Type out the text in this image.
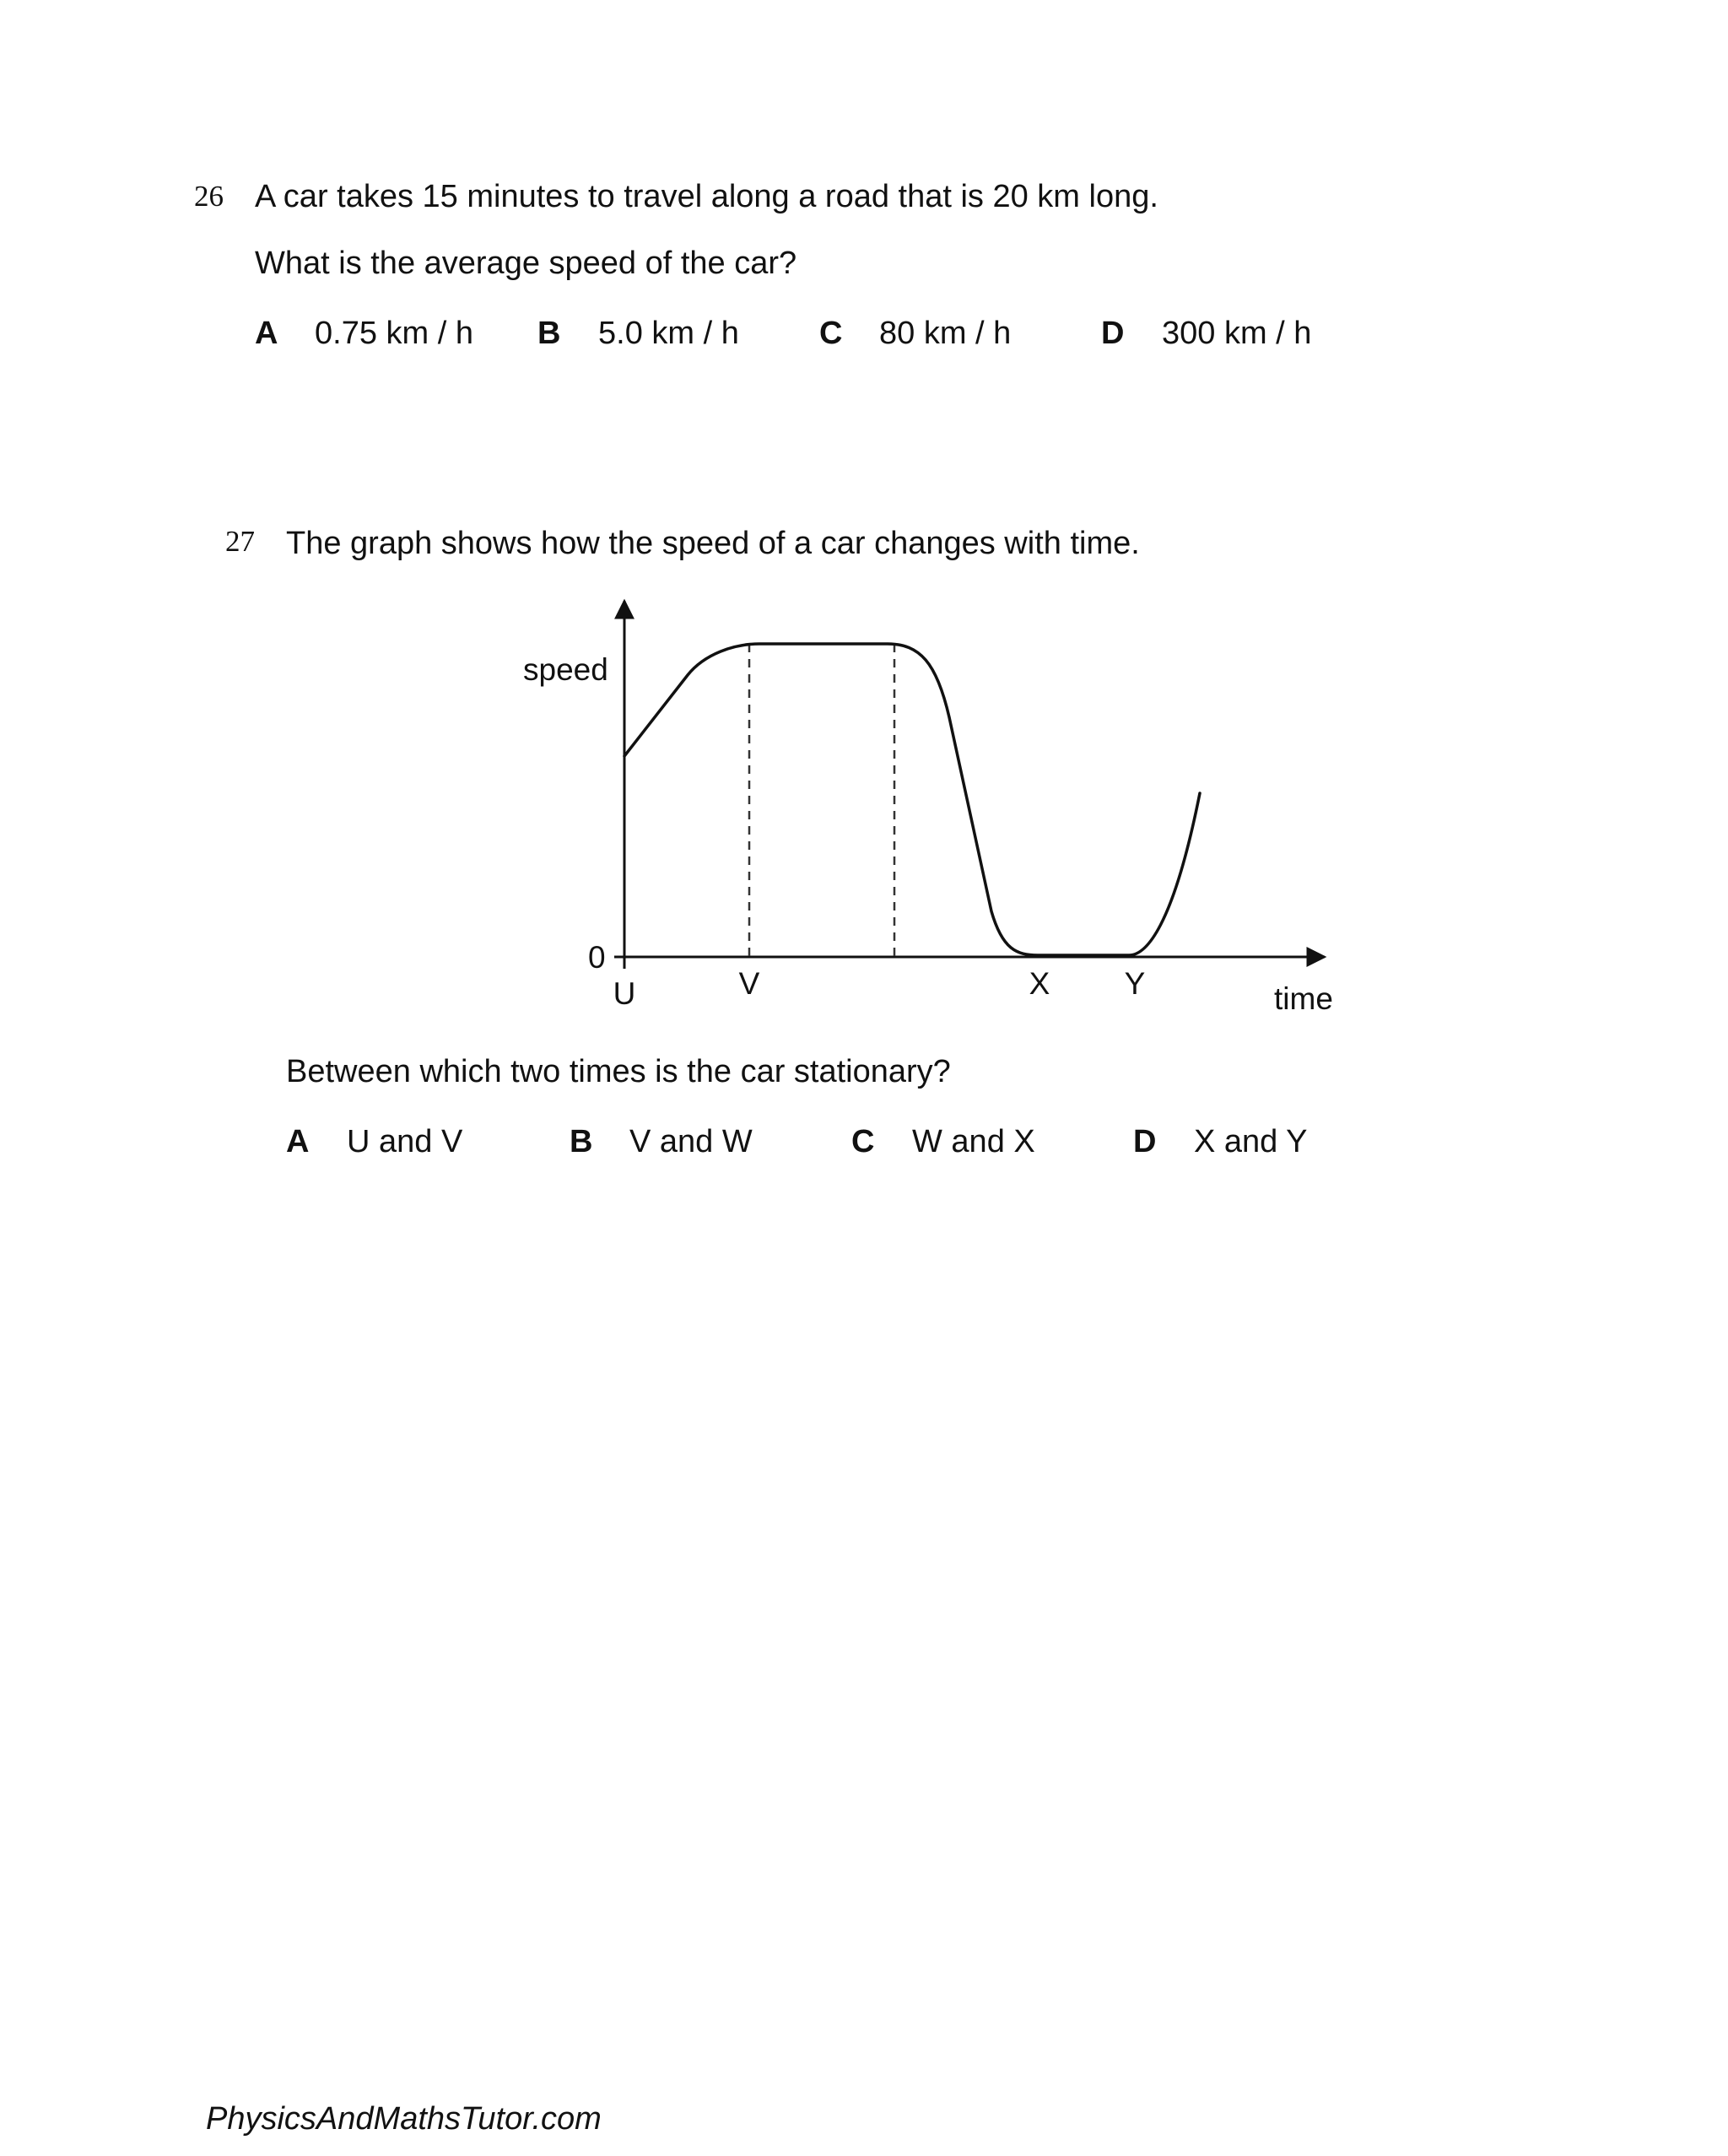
26 A car takes 15 minutes to travel along a road that is 20 km long.
What is the average speed of the car?
A 0.75 km / h B 5.0 km / h	C 80 km / h	D 300 km / h
27 The graph shows how the speed of a car changes with time.
speed
0
U	V	X Y	time
Between which two times is the car stationary?
A U and V	B V and W	C W and X	D X and Y
PhysicsAndMathsTutor.com
